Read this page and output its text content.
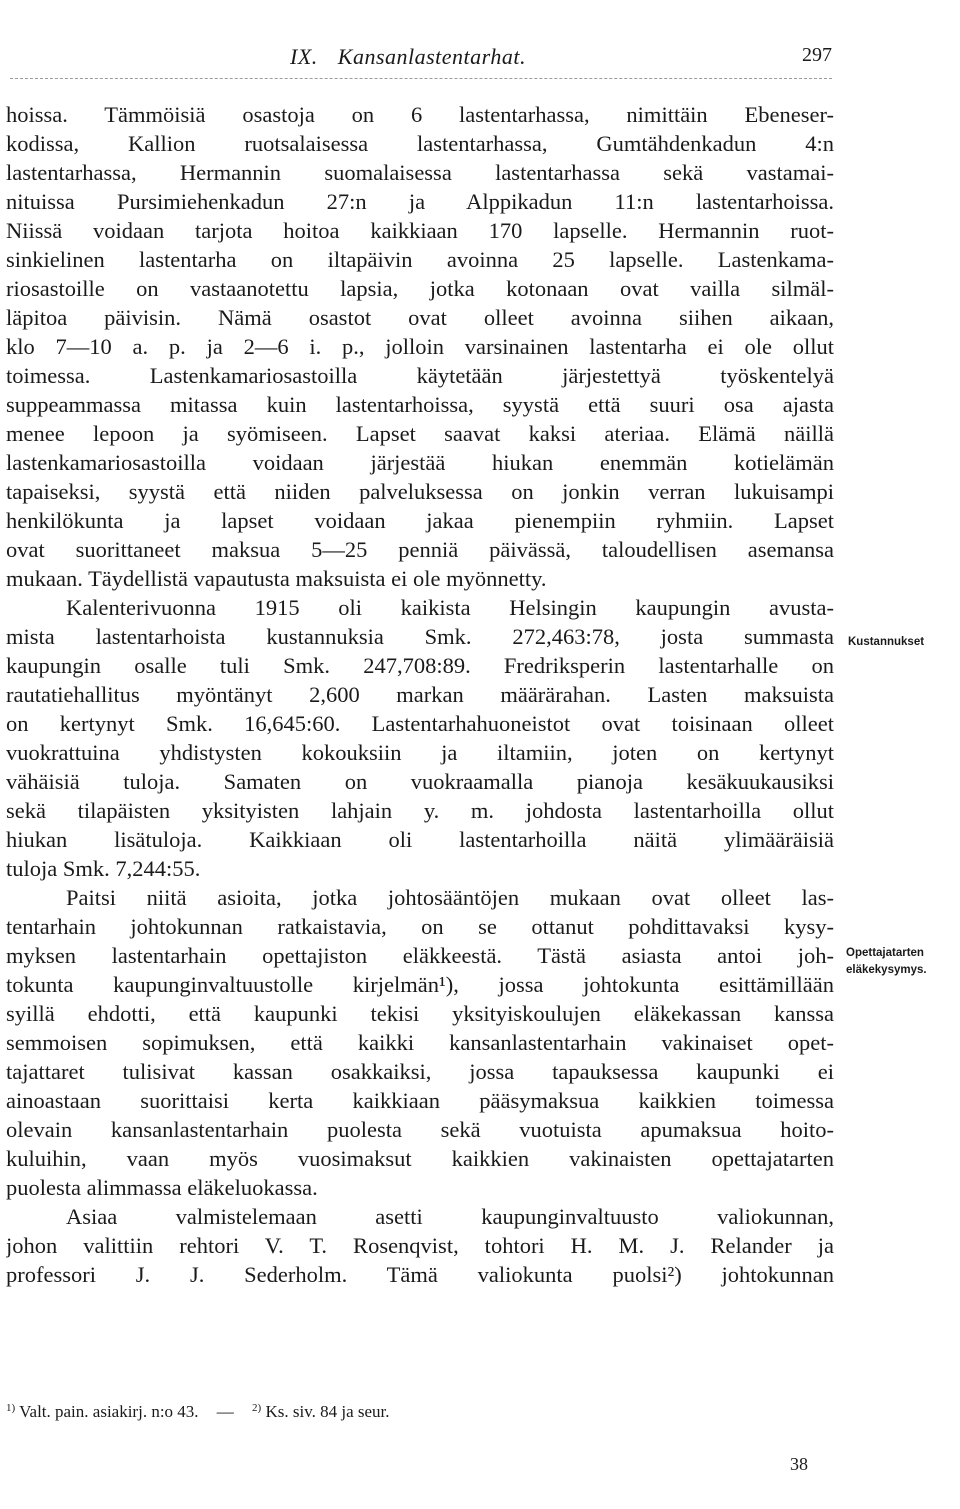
IX. Kansanlastentarhat.	297
hoissa. Tämmöisiä osastoja on 6 lastentarhassa, nimittäin Ebeneser-
kodissa, Kallion ruotsalaisessa lastentarhassa, Gumtähdenkadun 4:n
lastentarhassa, Hermannin suomalaisessa lastentarhassa sekä vastamai-
nituissa Pursimiehenkadun 27:n ja Alppikadun 11:n lastentarhoissa.
Niissä voidaan tarjota hoitoa kaikkiaan 170 lapselle. Hermannin ruot-
sinkielinen lastentarha on iltapäivin avoinna 25 lapselle. Lastenkama-
riosastoille on vastaanotettu lapsia, jotka kotonaan ovat vailla silmäl-
läpitoa päivisin. Nämä osastot ovat olleet avoinna siihen aikaan,
klo 7—10 a. p. ja 2—6 i. p., jolloin varsinainen lastentarha ei ole ollut
toimessa. Lastenkamariosastoilla käytetään järjestettyä työskentelyä
suppeammassa mitassa kuin lastentarhoissa, syystä että suuri osa ajasta
menee lepoon ja syömiseen. Lapset saavat kaksi ateriaa. Elämä näillä
lastenkamariosastoilla voidaan järjestää hiukan enemmän kotielämän
tapaiseksi, syystä että niiden palveluksessa on jonkin verran lukuisampi
henkilökunta ja lapset voidaan jakaa pienempiin ryhmiin. Lapset
ovat suorittaneet maksua 5—25 penniä päivässä, taloudellisen asemansa
mukaan. Täydellistä vapautusta maksuista ei ole myönnetty.
Kalenterivuonna 1915 oli kaikista Helsingin kaupungin avusta-
mista lastentarhoista kustannuksia Smk. 272,463:78, josta summasta
kaupungin osalle tuli Smk. 247,708:89. Fredriksperin lastentarhalle on
rautatiehallitus myöntänyt 2,600 markan määrärahan. Lasten maksuista
on kertynyt Smk. 16,645:60. Lastentarhahuoneistot ovat toisinaan olleet
vuokrattuina yhdistysten kokouksiin ja iltamiin, joten on kertynyt
vähäisiä tuloja. Samaten on vuokraamalla pianoja kesäkuukausiksi
sekä tilapäisten yksityisten lahjain y. m. johdosta lastentarhoilla ollut
hiukan lisätuloja. Kaikkiaan oli lastentarhoilla näitä ylimääräisiä
tuloja Smk. 7,244:55.
Paitsi niitä asioita, jotka johtosääntöjen mukaan ovat olleet las-
tentarhain johtokunnan ratkaistavia, on se ottanut pohdittavaksi kysy-
myksen lastentarhain opettajiston eläkkeestä. Tästä asiasta antoi joh-
tokunta kaupunginvaltuustolle kirjelmän¹), jossa johtokunta esittämillään
syillä ehdotti, että kaupunki tekisi yksityiskoulujen eläkekassan kanssa
semmoisen sopimuksen, että kaikki kansanlastentarhain vakinaiset opet-
tajattaret tulisivat kassan osakkaiksi, jossa tapauksessa kaupunki ei
ainoastaan suorittaisi kerta kaikkiaan pääsymaksua kaikkien toimessa
olevain kansanlastentarhain puolesta sekä vuotuista apumaksua hoito-
kuluihin, vaan myös vuosimaksut kaikkien vakinaisten opettajatarten
puolesta alimmassa eläkeluokassa.
Asiaa valmistelemaan asetti kaupunginvaltuusto valiokunnan,
johon valittiin rehtori V. T. Rosenqvist, tohtori H. M. J. Relander ja
professori J. J. Sederholm. Tämä valiokunta puolsi²) johtokunnan
Kustannukset
Opettajatarten
eläkekysymys.
$^{1)}$ Valt. pain. asiakirj. n:o 43. — $^{2)}$ Ks. siv. 84 ja seur.
38
